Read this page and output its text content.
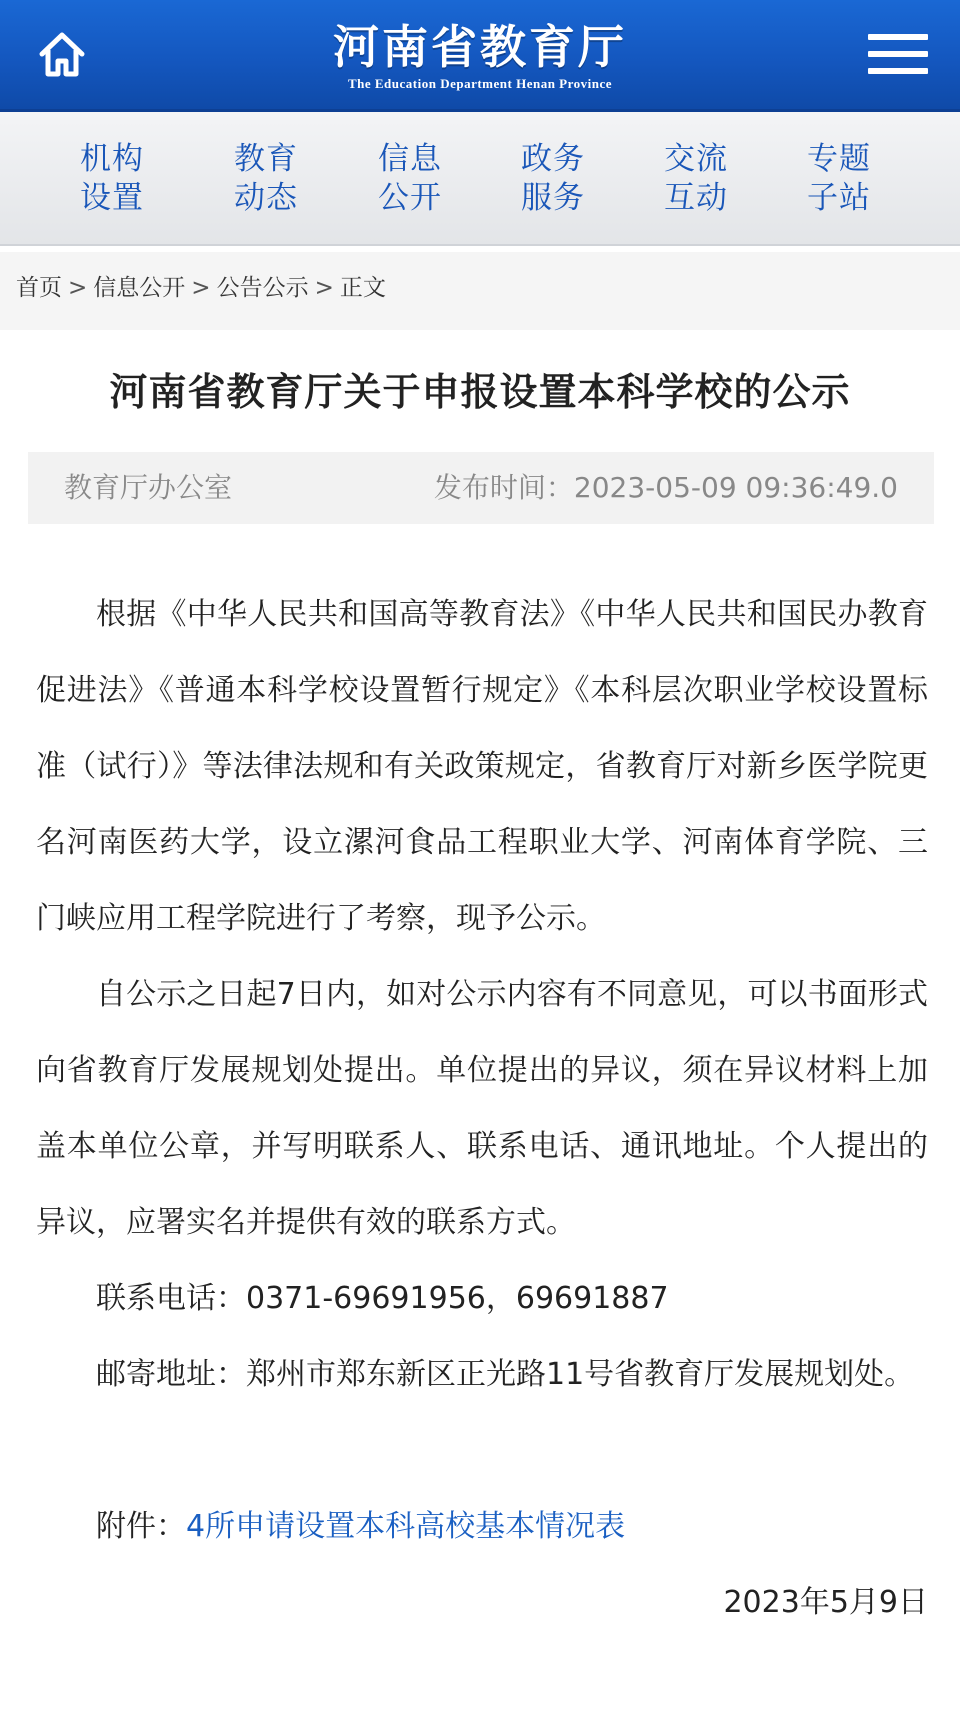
河南省教育厅
The Education Department Henan Province
机构
设置
教育
动态
信息
公开
政务
服务
交流
互动
专题
子站
首页 > 信息公开 > 公告公示 > 正文
河南省教育厅关于申报设置本科学校的公示
教育厅办公室	发布时间：2023-05-09 09:36:49.0

根据《中华人民共和国高等教育法》《中华人民共和国民办教育促进法》《普通本科学校设置暂行规定》《本科层次职业学校设置标准（试行）》等法律法规和有关政策规定，省教育厅对新乡医学院更名河南医药大学，设立漯河食品工程职业大学、河南体育学院、三门峡应用工程学院进行了考察，现予公示。

自公示之日起7日内，如对公示内容有不同意见，可以书面形式向省教育厅发展规划处提出。单位提出的异议，须在异议材料上加盖本单位公章，并写明联系人、联系电话、通讯地址。个人提出的异议，应署实名并提供有效的联系方式。

联系电话：0371-69691956，69691887

邮寄地址：郑州市郑东新区正光路11号省教育厅发展规划处。

附件：4所申请设置本科高校基本情况表

2023年5月9日
